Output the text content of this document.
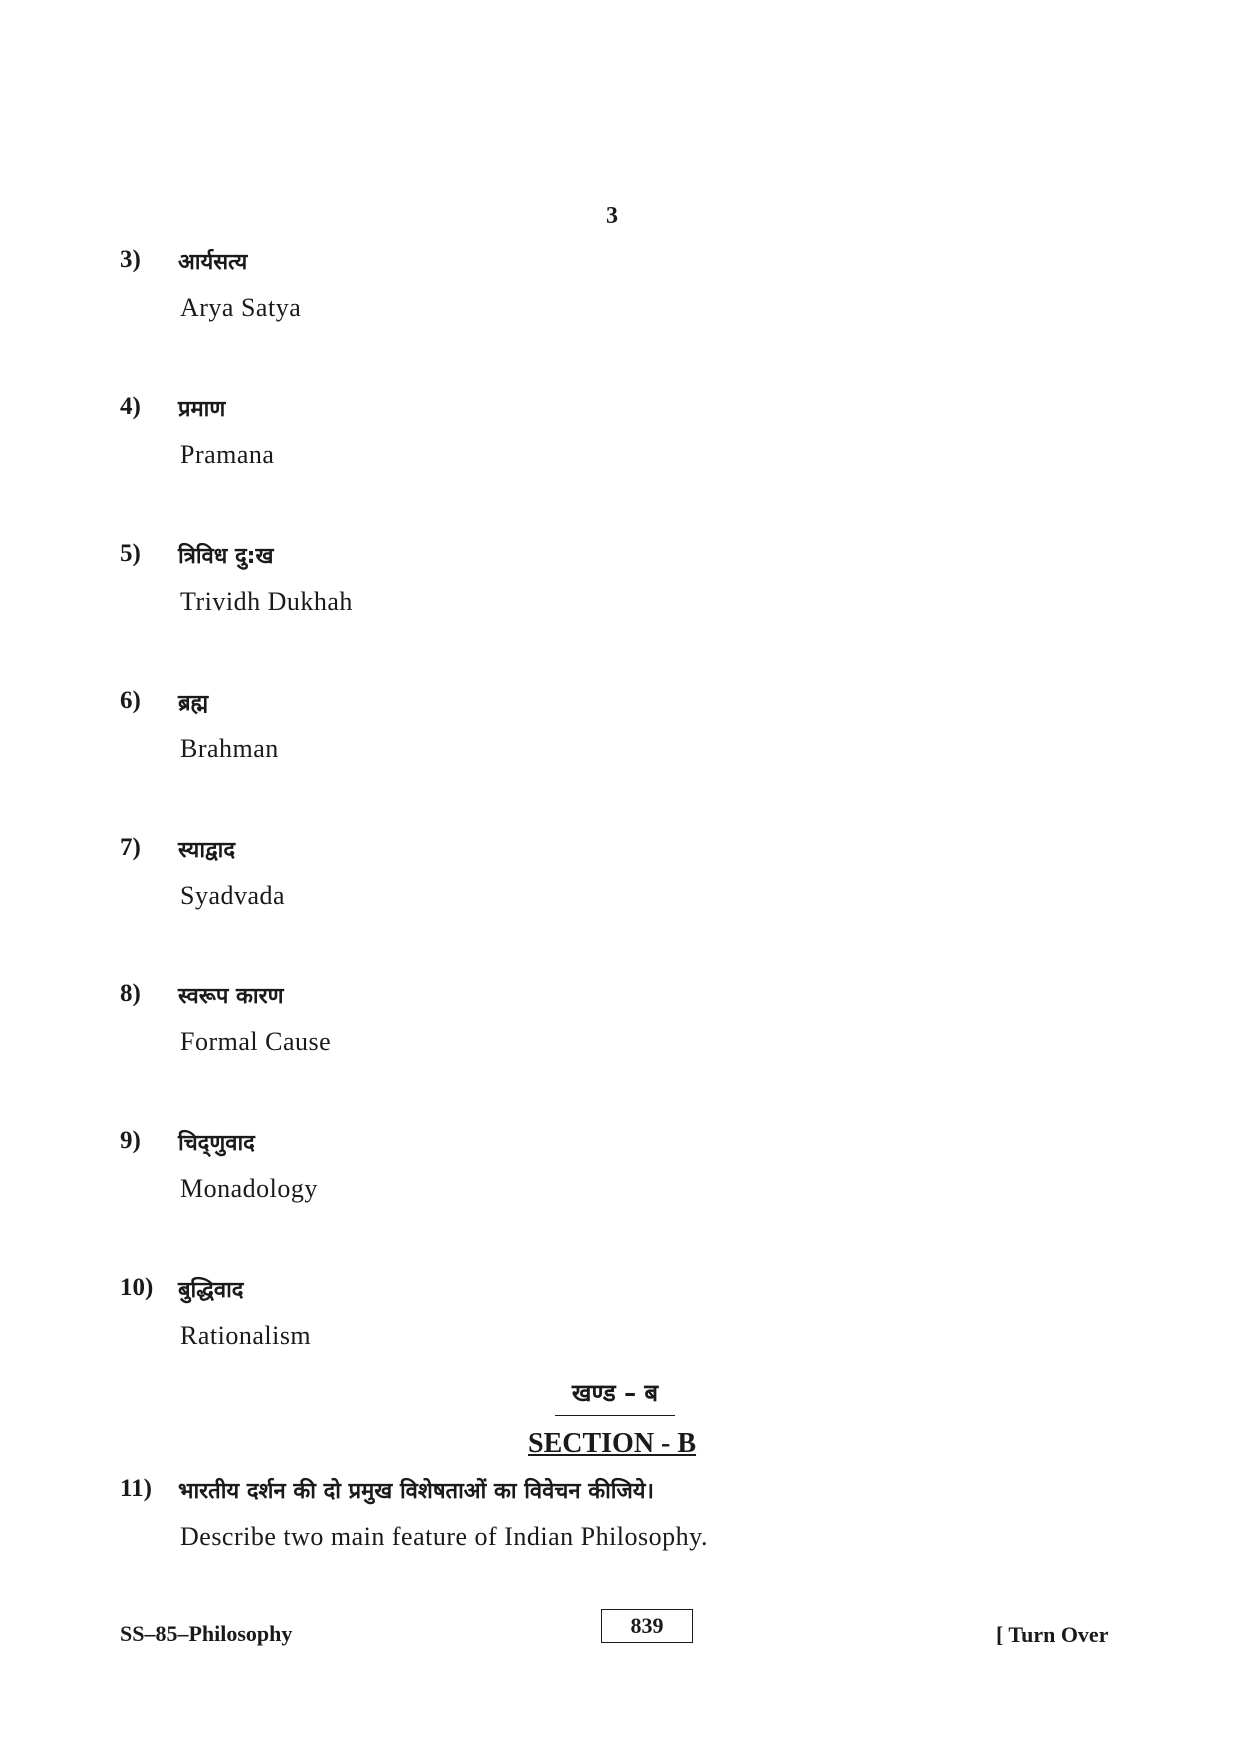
3
3) आर्यसत्य
Arya Satya
4) प्रमाण
Pramana
5) त्रिविध दु:ख
Trividh Dukhah
6) ब्रह्म
Brahman
7) स्याद्वाद
Syadvada
8) स्वरूप कारण
Formal Cause
9) चिद्णुवाद
Monadology
10) बुद्धिवाद
Rationalism
खण्ड – ब
SECTION - B
11) भारतीय दर्शन की दो प्रमुख विशेषताओं का विवेचन कीजिये।
Describe two main feature of Indian Philosophy.
SS–85–Philosophy	839	[ Turn Over
